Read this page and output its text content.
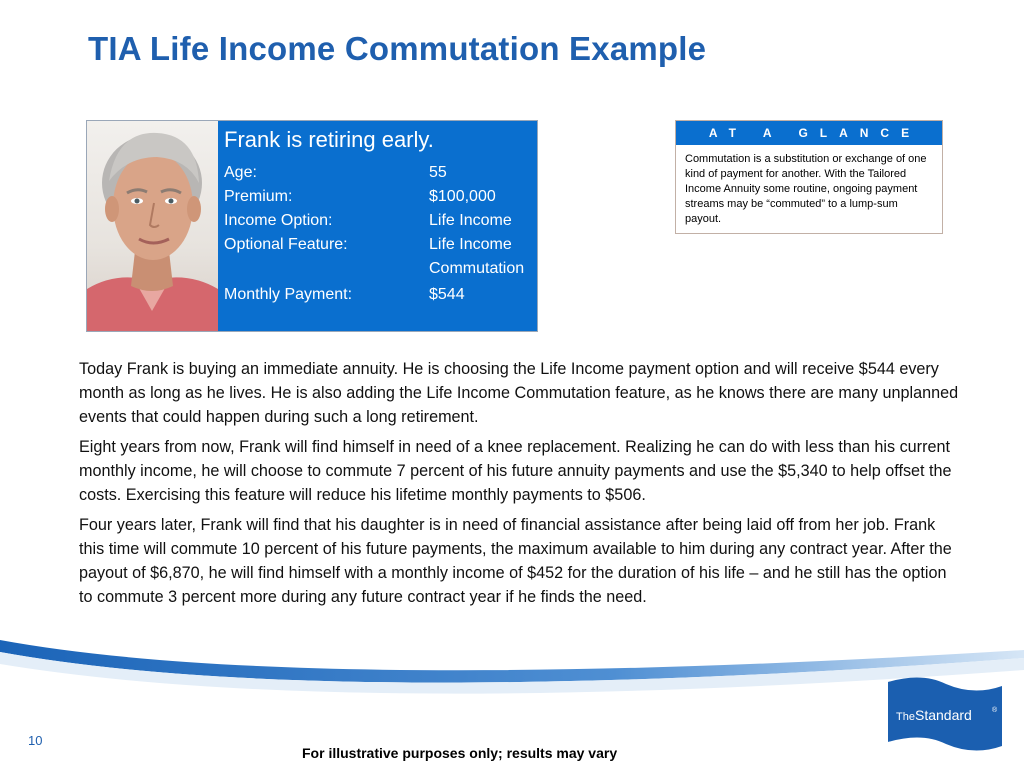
TIA Life Income Commutation Example
Frank is retiring early.
Age:	55
Premium:	$100,000
Income Option:	Life Income
Optional Feature:	Life Income Commutation
Monthly Payment:	$544
AT A GLANCE
Commutation is a substitution or exchange of one kind of payment for another. With the Tailored Income Annuity some routine, ongoing payment streams may be “commuted” to a lump-sum payout.

Today Frank is buying an immediate annuity. He is choosing the Life Income payment option and will receive $544 every month as long as he lives. He is also adding the Life Income Commutation feature, as he knows there are many unplanned events that could happen during such a long retirement.

Eight years from now, Frank will find himself in need of a knee replacement. Realizing he can do with less than his current monthly income, he will choose to commute 7 percent of his future annuity payments and use the $5,340 to help offset the costs. Exercising this feature will reduce his lifetime monthly payments to $506.

Four years later, Frank will find that his daughter is in need of financial assistance after being laid off from her job. Frank this time will commute 10 percent of his future payments, the maximum available to him during any contract year. After the payout of $6,870, he will find himself with a monthly income of $452 for the duration of his life – and he still has the option to commute 3 percent more during any future contract year if he finds the need.

10
For illustrative purposes only; results may vary
The Standard	®
